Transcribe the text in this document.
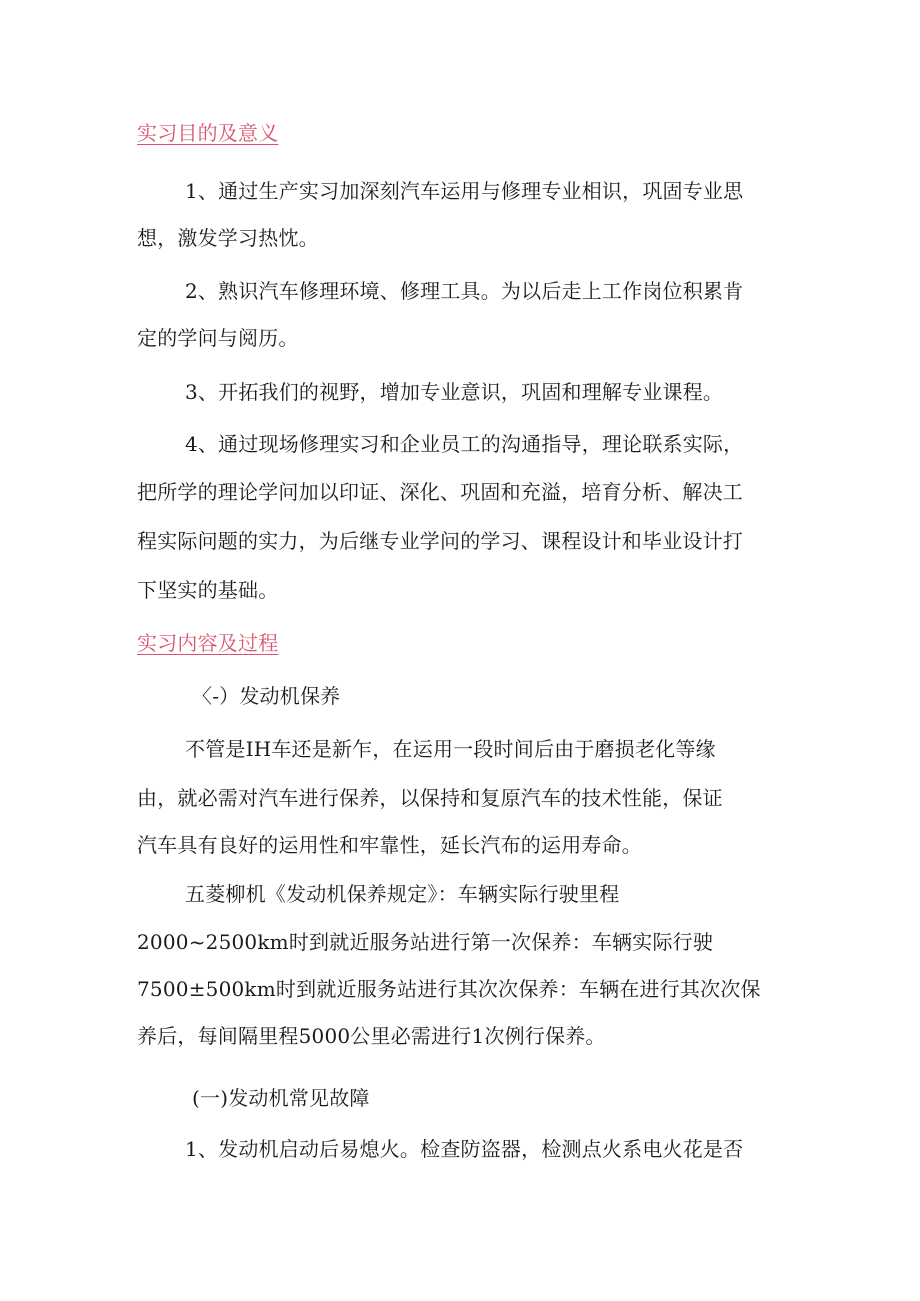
实习目的及意义
1、通过生产实习加深刻汽车运用与修理专业相识，巩固专业思
想，激发学习热忱。
2、熟识汽车修理环境、修理工具。为以后走上工作岗位积累肯
定的学问与阅历。
3、开拓我们的视野，增加专业意识，巩固和理解专业课程。
4、通过现场修理实习和企业员工的沟通指导，理论联系实际，
把所学的理论学问加以印证、深化、巩固和充溢，培育分析、解决工
程实际问题的实力，为后继专业学问的学习、课程设计和毕业设计打
下坚实的基础。
实习内容及过程
〈-）发动机保养
不管是IH车还是新乍，在运用一段时间后由于磨损老化等缘
由，就必需对汽车进行保养，以保持和复原汽车的技术性能，保证
汽车具有良好的运用性和牢靠性，延长汽布的运用寿命。
五菱柳机《发动机保养规定》：车辆实际行驶里程
2000~2500km时到就近服务站进行第一次保养：车辆实际行驶
7500±500km时到就近服务站进行其次次保养：车辆在进行其次次保
养后，每间隔里程5000公里必需进行1次例行保养。
(一)发动机常见故障
1、发动机启动后易熄火。检查防盗器，检测点火系电火花是否
